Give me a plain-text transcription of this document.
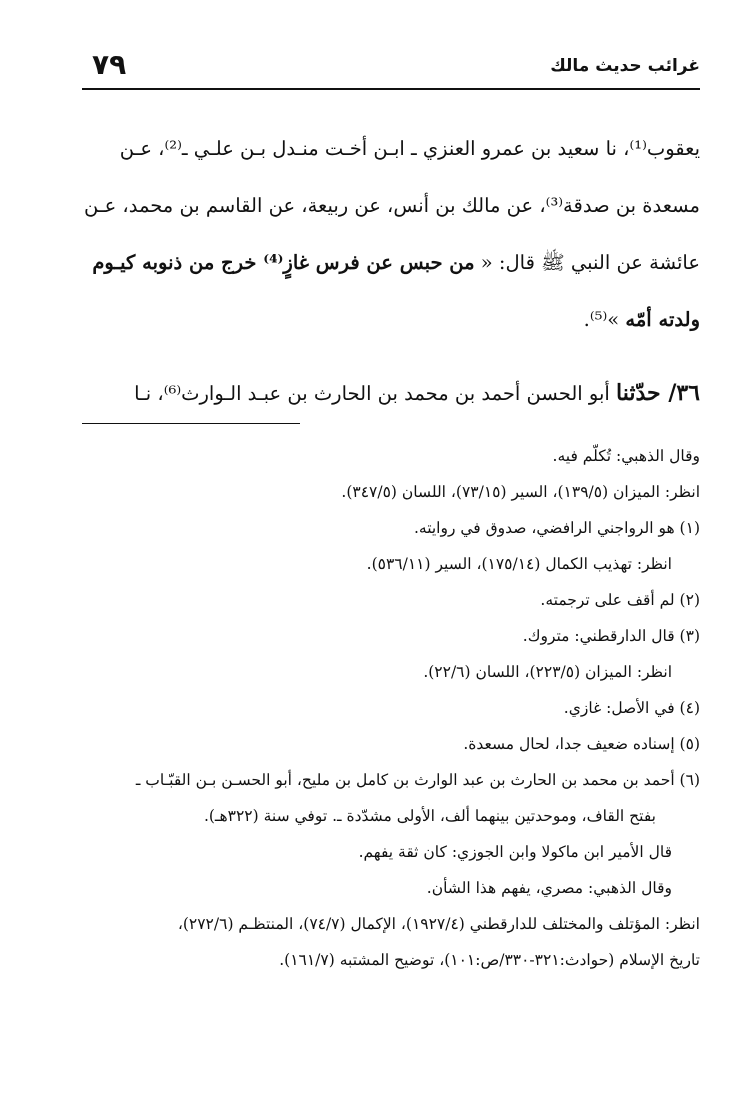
غرائب حديث مالك
٧٩

يعقوب⁽¹⁾، نا سعيد بن عمرو العنزي ـ ابـن أخـت منـدل بـن علـي ـ⁽²⁾، عـن

مسعدة بن صدقة⁽³⁾، عن مالك بن أنس، عن ربيعة، عن القاسم بن محمد، عـن

عائشة عن النبي ﷺ قال: « من حبس عن فرس غازٍ⁽⁴⁾ خرج من ذنوبه كيـوم

ولدته أمّه »⁽⁵⁾.

٣٦/ حدّثنا أبو الحسن أحمد بن محمد بن الحارث بن عبـد الـوارث⁽⁶⁾، نـا

وقال الذهبي: تُكلّم فيه.

انظر: الميزان (١٣٩/٥)، السير (٧٣/١٥)، اللسان (٣٤٧/٥).

(١) هو الرواجني الرافضي، صدوق في روايته.

انظر: تهذيب الكمال (١٧٥/١٤)، السير (٥٣٦/١١).

(٢) لم أقف على ترجمته.

(٣) قال الدارقطني: متروك.

انظر: الميزان (٢٢٣/٥)، اللسان (٢٢/٦).

(٤) في الأصل: غازي.

(٥) إسناده ضعيف جدا، لحال مسعدة.

(٦) أحمد بن محمد بن الحارث بن عبد الوارث بن كامل بن مليح، أبو الحسـن بـن القبّـاب ـ

بفتح القاف، وموحدتين بينهما ألف، الأولى مشدّدة ـ. توفي سنة (٣٢٢هـ).

قال الأمير ابن ماكولا وابن الجوزي: كان ثقة يفهم.

وقال الذهبي: مصري، يفهم هذا الشأن.

انظر: المؤتلف والمختلف للدارقطني (١٩٢٧/٤)، الإكمال (٧٤/٧)، المنتظـم (٢٧٢/٦)،

تاريخ الإسلام (حوادث:٣٢١-٣٣٠/ص:١٠١)، توضيح المشتبه (١٦١/٧).
